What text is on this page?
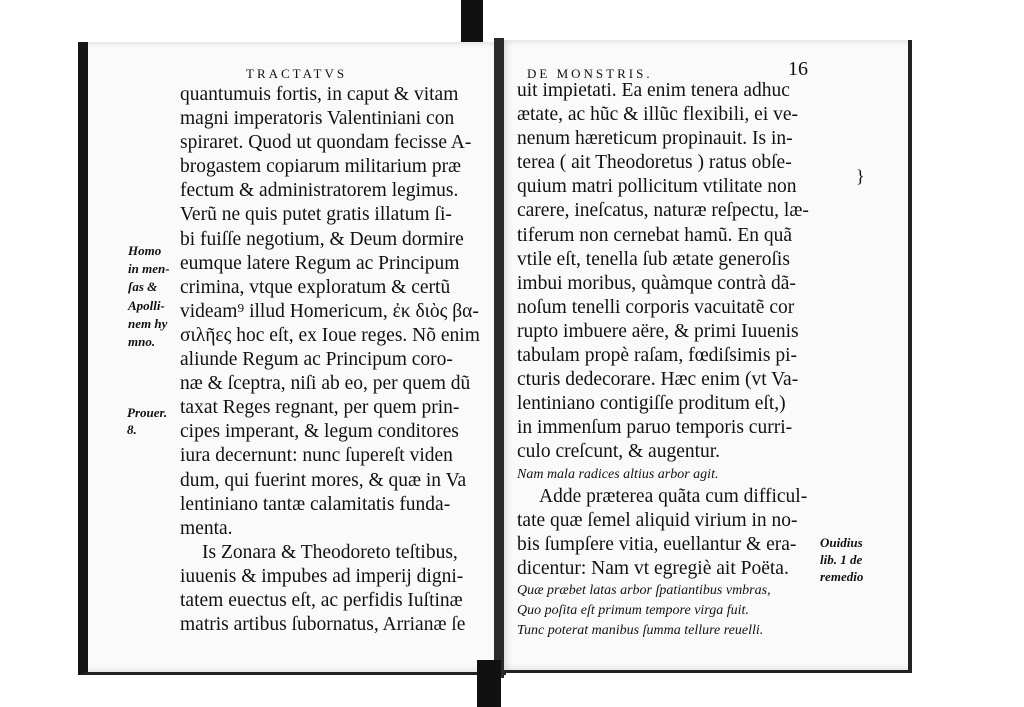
TRACTATVS	DE MONSTRIS.	16
quantumuis fortis, in caput & vitam
magni imperatoris Valentiniani con
spiraret. Quod ut quondam fecisse A-
brogastem copiarum militarium præ
fectum & administratorem legimus.
Verũ ne quis putet gratis illatum ſi-
bi fuiſſe negotium, & Deum dormire
eumque latere Regum ac Principum
crimina, vtque exploratum & certũ
videam⁹ illud Homericum, ἐκ διὸς βα-
σιλῆες hoc eſt, ex Ioue reges. Nõ enim
aliunde Regum ac Principum coro-
næ & ſceptra, niſi ab eo, per quem dũ
taxat Reges regnant, per quem prin-
cipes imperant, & legum conditores
iura decernunt: nunc ſupereſt viden
dum, qui fuerint mores, & quæ in Va
lentiniano tantæ calamitatis funda-
menta.
Is Zonara & Theodoreto teſtibus,
iuuenis & impubes ad imperij digni-
tatem euectus eſt, ac perfidis Iuſtinæ
matris artibus ſubornatus, Arrianæ ſe
Homo
in men-
ſas &
Apolli-
nem hy
mno.
Prouer.
8.
uit impietati. Ea enim tenera adhuc
ætate, ac hũc & illũc flexibili, ei ve-
nenum hæreticum propinauit. Is in-
terea ( ait Theodoretus ) ratus obſe-
quium matri pollicitum vtilitate non
carere, ineſcatus, naturæ reſpectu, læ-
tiferum non cernebat hamũ. En quã
vtile eſt, tenella ſub ætate generoſis
imbui moribus, quàmque contrà dã-
noſum tenelli corporis vacuitatẽ cor
rupto imbuere aëre, & primi Iuuenis
tabulam propè raſam, fœdiſsimis pi-
cturis dedecorare. Hæc enim (vt Va-
lentiniano contigiſſe proditum eſt,)
in immenſum paruo temporis curri-
culo creſcunt, & augentur.
Nam mala radices altius arbor agit.
Adde præterea quãta cum difficul-
tate quæ ſemel aliquid virium in no-
bis ſumpſere vitia, euellantur & era-
dicentur: Nam vt egregiè ait Poëta.
Quæ præbet latas arbor ſpatiantibus vmbras,
Quo poſita eſt primum tempore virga fuit.
Tunc poterat manibus ſumma tellure reuelli.
Ouidius
lib. 1 de
remedio
}
